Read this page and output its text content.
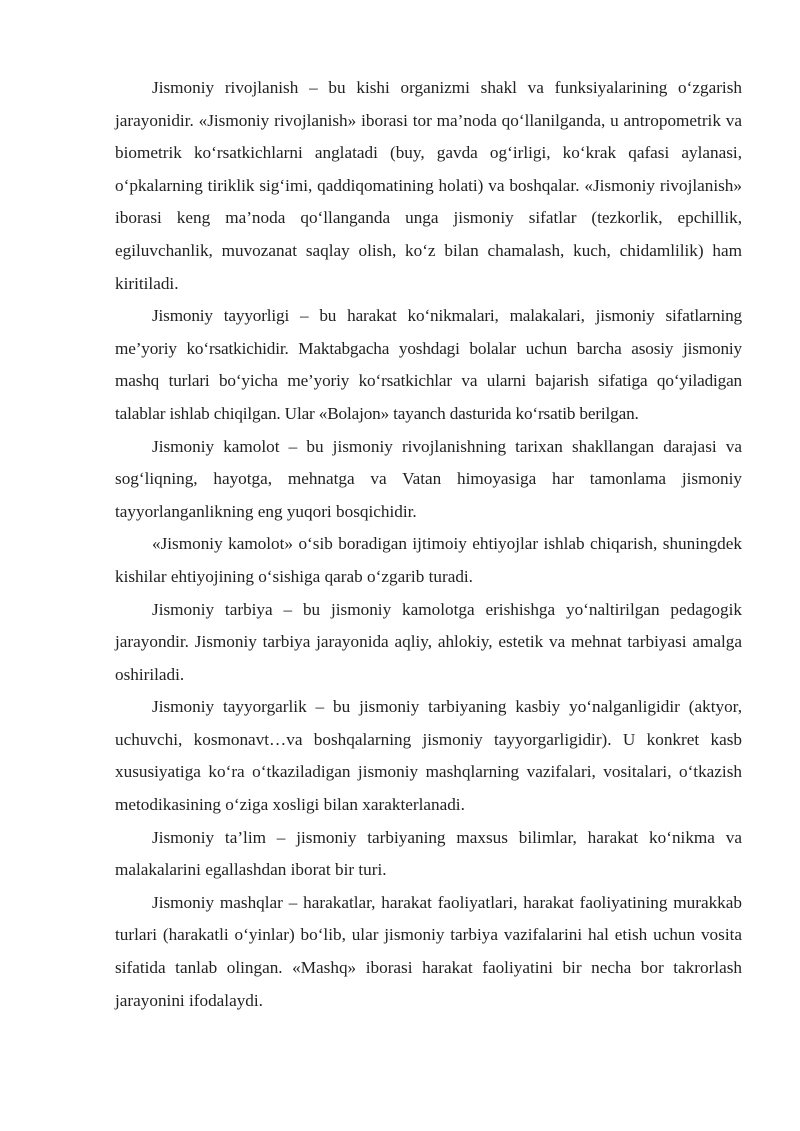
Jismoniy rivojlanish – bu kishi organizmi shakl va funksiyalarining o‘zgarish jarayonidir. «Jismoniy rivojlanish» iborasi tor ma’noda qo‘llanilganda, u antropometrik va biometrik ko‘rsatkichlarni anglatadi (buy, gavda og‘irligi, ko‘krak qafasi aylanasi, o‘pkalarning tiriklik sig‘imi, qaddiqomatining holati) va boshqalar. «Jismoniy rivojlanish» iborasi keng ma’noda qo‘llanganda unga jismoniy sifatlar (tezkorlik, epchillik, egiluvchanlik, muvozanat saqlay olish, ko‘z bilan chamalash, kuch, chidamlilik) ham kiritiladi.

Jismoniy tayyorligi – bu harakat ko‘nikmalari, malakalari, jismoniy sifatlarning me’yoriy ko‘rsatkichidir. Maktabgacha yoshdagi bolalar uchun barcha asosiy jismoniy mashq turlari bo‘yicha me’yoriy ko‘rsatkichlar va ularni bajarish sifatiga qo‘yiladigan talablar ishlab chiqilgan. Ular «Bolajon» tayanch dasturida ko‘rsatib berilgan.

Jismoniy kamolot – bu jismoniy rivojlanishning tarixan shakllangan darajasi va sog‘liqning, hayotga, mehnatga va Vatan himoyasiga har tamonlama jismoniy tayyorlanganlikning eng yuqori bosqichidir.

«Jismoniy kamolot» o‘sib boradigan ijtimoiy ehtiyojlar ishlab chiqarish, shuningdek kishilar ehtiyojining o‘sishiga qarab o‘zgarib turadi.

Jismoniy tarbiya – bu jismoniy kamolotga erishishga yo‘naltirilgan pedagogik jarayondir. Jismoniy tarbiya jarayonida aqliy, ahlokiy, estetik va mehnat tarbiyasi amalga oshiriladi.

Jismoniy tayyorgarlik – bu jismoniy tarbiyaning kasbiy yo‘nalganligidir (aktyor, uchuvchi, kosmonavt…va boshqalarning jismoniy tayyorgarligidir). U konkret kasb xususiyatiga ko‘ra o‘tkaziladigan jismoniy mashqlarning vazifalari, vositalari, o‘tkazish metodikasining o‘ziga xosligi bilan xarakterlanadi.

Jismoniy ta’lim – jismoniy tarbiyaning maxsus bilimlar, harakat ko‘nikma va malakalarini egallashdan iborat bir turi.

Jismoniy mashqlar – harakatlar, harakat faoliyatlari, harakat faoliyatining murakkab turlari (harakatli o‘yinlar) bo‘lib, ular jismoniy tarbiya vazifalarini hal etish uchun vosita sifatida tanlab olingan. «Mashq» iborasi harakat faoliyatini bir necha bor takrorlash jarayonini ifodalaydi.
